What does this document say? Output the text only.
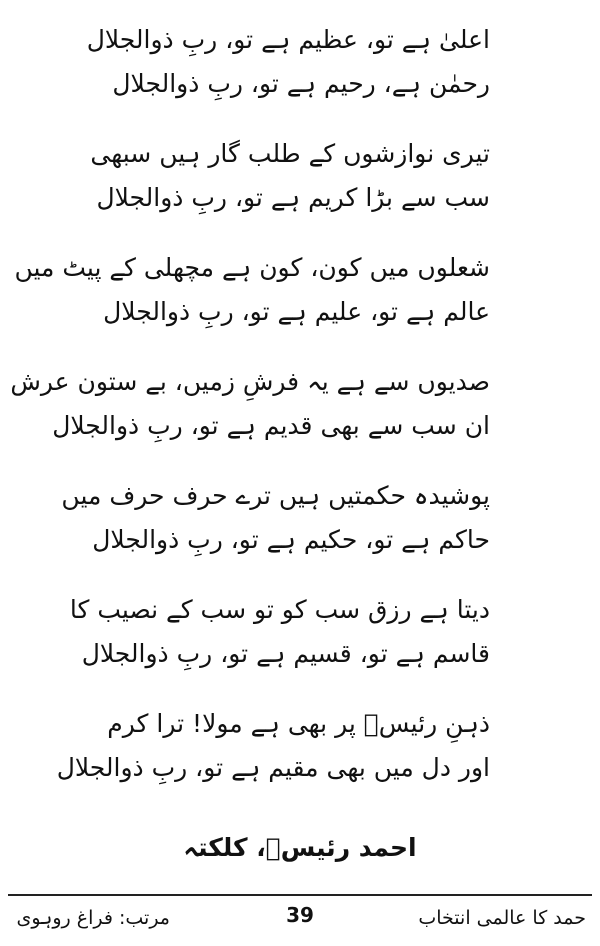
اعلیٰ ہے تو، عظیم ہے تو، ربِ ذوالجلال
رحمٰن ہے، رحیم ہے تو، ربِ ذوالجلال
تیری نوازشوں کے طلب گار ہیں سبھی
سب سے بڑا کریم ہے تو، ربِ ذوالجلال
شعلوں میں کون، کون ہے مچھلی کے پیٹ میں
عالم ہے تو، علیم ہے تو، ربِ ذوالجلال
صدیوں سے ہے یہ فرشِ زمیں، بے ستون عرش
ان سب سے بھی قدیم ہے تو، ربِ ذوالجلال
پوشیدہ حکمتیں ہیں ترے حرف حرف میں
حاکم ہے تو، حکیم ہے تو، ربِ ذوالجلال
دیتا ہے رزق سب کو تو سب کے نصیب کا
قاسم ہے تو، قسیم ہے تو، ربِ ذوالجلال
ذہنِ رئیسؔ پر بھی ہے مولا! ترا کرم
اور دل میں بھی مقیم ہے تو، ربِ ذوالجلال
احمد رئیسؔ، کلکتہ
مرتب: فراغ روہوی	39	حمد کا عالمی انتخاب
